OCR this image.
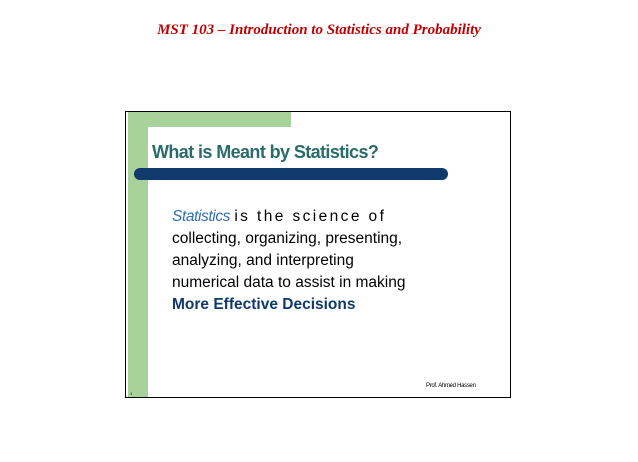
MST 103 – Introduction to Statistics and Probability
What is Meant by Statistics?
Statistics is the science of
collecting, organizing, presenting,
analyzing, and interpreting
numerical data to assist in making
More Effective Decisions
Prof. Ahmed Hassen
1
